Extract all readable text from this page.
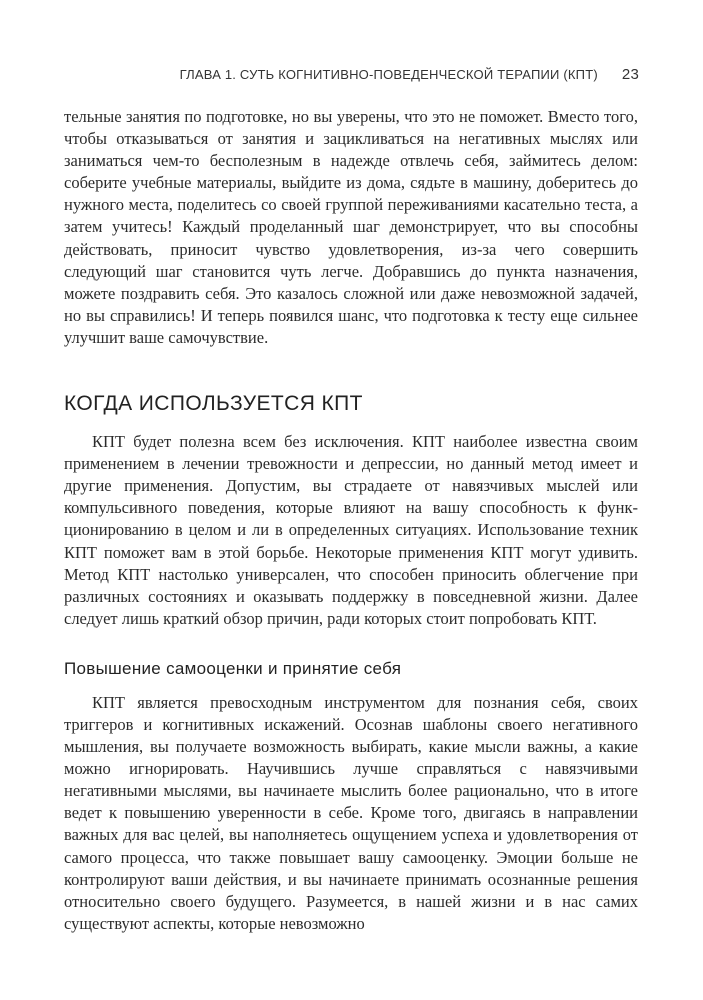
ГЛАВА 1. СУТЬ КОГНИТИВНО-ПОВЕДЕНЧЕСКОЙ ТЕРАПИИ (КПТ) 23

тельные занятия по подготовке, но вы уверены, что это не поможет. Вместо того, чтобы отказываться от занятия и зацикливаться на негативных мыслях или заниматься чем-то бесполезным в надежде отвлечь себя, займитесь делом: соберите учебные материалы, выйдите из дома, сядьте в машину, доберитесь до нужного места, поделитесь со своей группой переживаниями касательно теста, а затем учитесь! Каждый проделанный шаг демонстрирует, что вы способны действовать, приносит чувство удовлетворения, из-за чего совершить следующий шаг становится чуть легче. Добравшись до пункта назначения, можете поздравить себя. Это казалось сложной или даже невозможной задачей, но вы справились! И теперь появился шанс, что подготовка к тесту еще сильнее улучшит ваше самочувствие.

КОГДА ИСПОЛЬЗУЕТСЯ КПТ

КПТ будет полезна всем без исключения. КПТ наиболее известна своим применением в лечении тревожности и депрессии, но данный метод имеет и другие применения. Допустим, вы страдаете от навязчивых мыслей или компульсивного поведения, которые влияют на вашу способность к функционированию в целом и ли в определенных ситуациях. Использование техник КПТ поможет вам в этой борьбе. Некоторые применения КПТ могут удивить. Метод КПТ настолько универсален, что способен приносить облегчение при различных состояниях и оказывать поддержку в повседневной жизни. Далее следует лишь краткий обзор причин, ради которых стоит попробовать КПТ.

Повышение самооценки и принятие себя

КПТ является превосходным инструментом для познания себя, своих триггеров и когнитивных искажений. Осознав шаблоны своего негативного мышления, вы получаете возможность выбирать, какие мысли важны, а какие можно игнорировать. Научившись лучше справляться с навязчивыми негативными мыслями, вы начинаете мыслить более рационально, что в итоге ведет к повышению уверенности в себе. Кроме того, двигаясь в направлении важных для вас целей, вы наполняетесь ощущением успеха и удовлетворения от самого процесса, что также повышает вашу самооценку. Эмоции больше не контролируют ваши действия, и вы начинаете принимать осознанные решения относительно своего будущего. Разумеется, в нашей жизни и в нас самих существуют аспекты, которые невозможно
